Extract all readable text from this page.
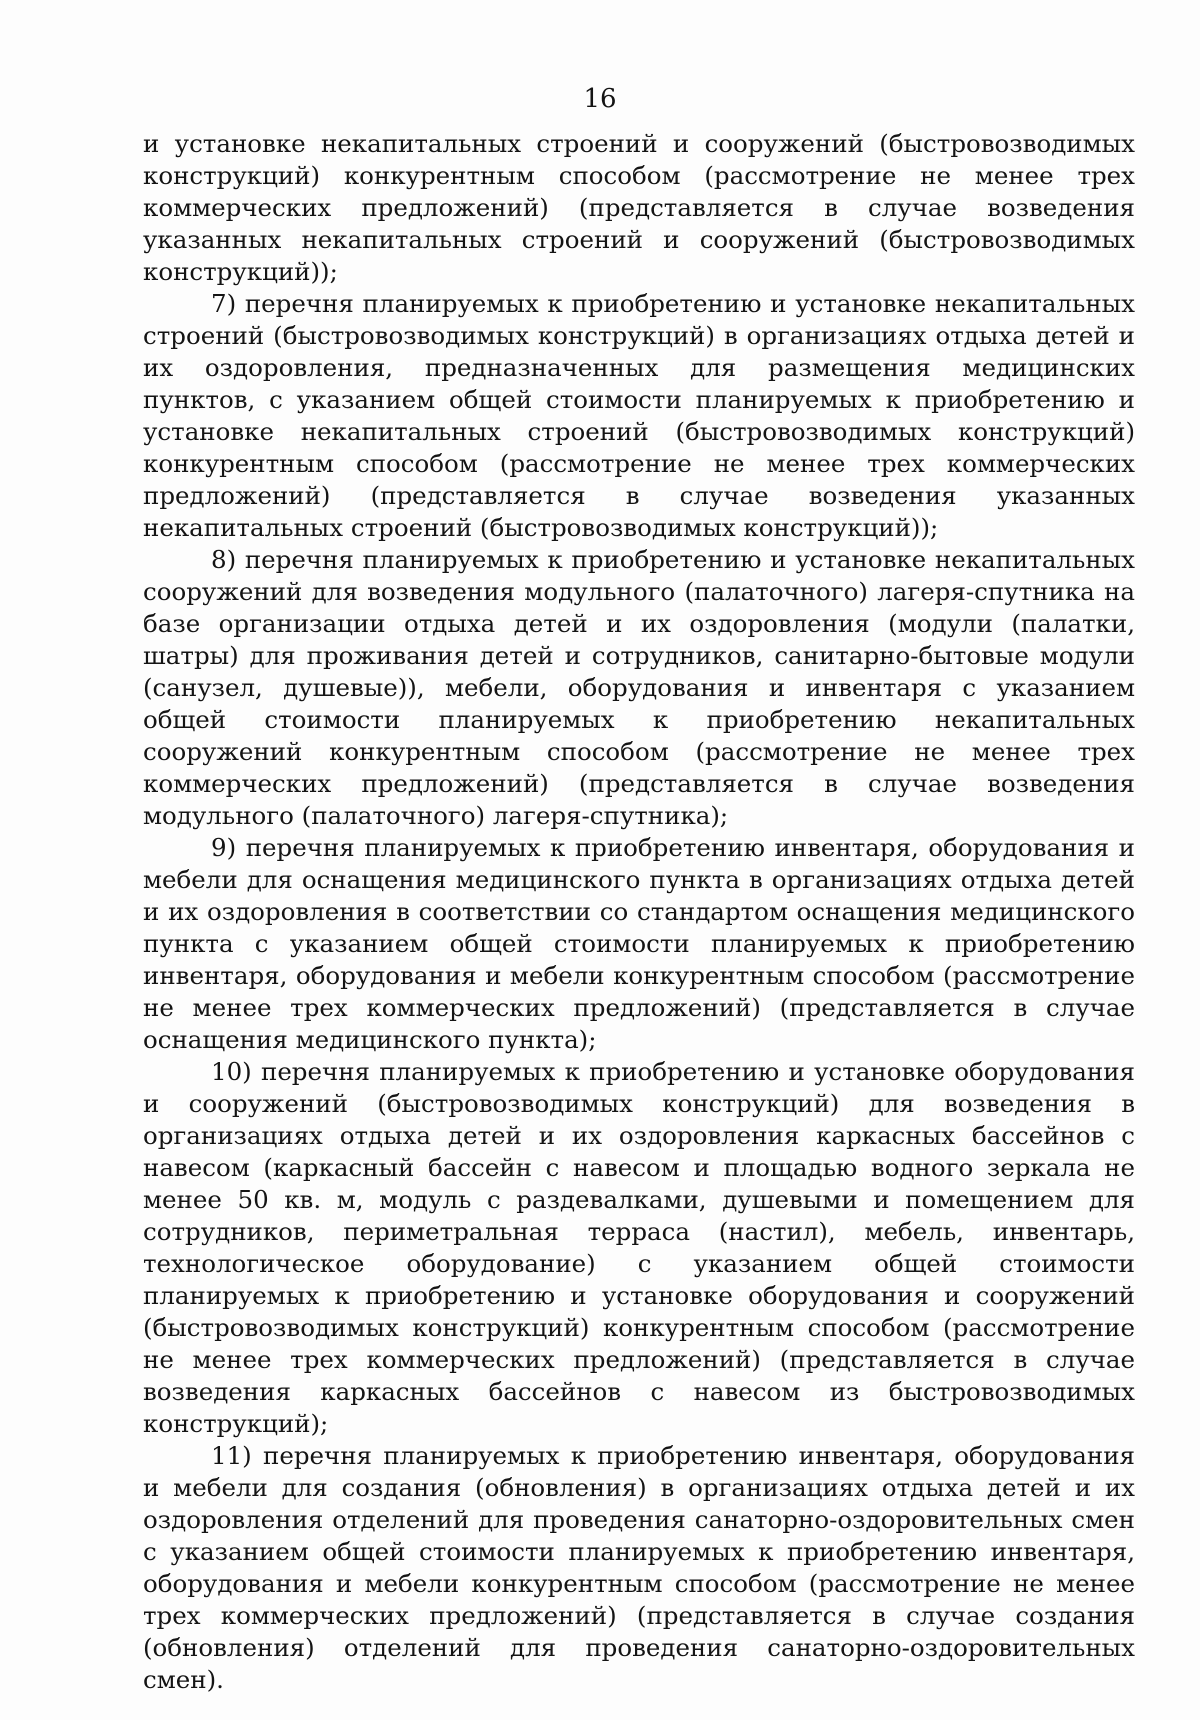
16

и установке некапитальных строений и сооружений (быстровозводимых конструкций) конкурентным способом (рассмотрение не менее трех коммерческих предложений) (представляется в случае возведения указанных некапитальных строений и сооружений (быстровозводимых конструкций));

7) перечня планируемых к приобретению и установке некапитальных строений (быстровозводимых конструкций) в организациях отдыха детей и их оздоровления, предназначенных для размещения медицинских пунктов, с указанием общей стоимости планируемых к приобретению и установке некапитальных строений (быстровозводимых конструкций) конкурентным способом (рассмотрение не менее трех коммерческих предложений) (представляется в случае возведения указанных некапитальных строений (быстровозводимых конструкций));

8) перечня планируемых к приобретению и установке некапитальных сооружений для возведения модульного (палаточного) лагеря-спутника на базе организации отдыха детей и их оздоровления (модули (палатки, шатры) для проживания детей и сотрудников, санитарно-бытовые модули (санузел, душевые)), мебели, оборудования и инвентаря с указанием общей стоимости планируемых к приобретению некапитальных сооружений конкурентным способом (рассмотрение не менее трех коммерческих предложений) (представляется в случае возведения модульного (палаточного) лагеря-спутника);

9) перечня планируемых к приобретению инвентаря, оборудования и мебели для оснащения медицинского пункта в организациях отдыха детей и их оздоровления в соответствии со стандартом оснащения медицинского пункта с указанием общей стоимости планируемых к приобретению инвентаря, оборудования и мебели конкурентным способом (рассмотрение не менее трех коммерческих предложений) (представляется в случае оснащения медицинского пункта);

10) перечня планируемых к приобретению и установке оборудования и сооружений (быстровозводимых конструкций) для возведения в организациях отдыха детей и их оздоровления каркасных бассейнов с навесом (каркасный бассейн с навесом и площадью водного зеркала не менее 50 кв. м, модуль с раздевалками, душевыми и помещением для сотрудников, периметральная терраса (настил), мебель, инвентарь, технологическое оборудование) с указанием общей стоимости планируемых к приобретению и установке оборудования и сооружений (быстровозводимых конструкций) конкурентным способом (рассмотрение не менее трех коммерческих предложений) (представляется в случае возведения каркасных бассейнов с навесом из быстровозводимых конструкций);

11) перечня планируемых к приобретению инвентаря, оборудования и мебели для создания (обновления) в организациях отдыха детей и их оздоровления отделений для проведения санаторно-оздоровительных смен с указанием общей стоимости планируемых к приобретению инвентаря, оборудования и мебели конкурентным способом (рассмотрение не менее трех коммерческих предложений) (представляется в случае создания (обновления) отделений для проведения санаторно-оздоровительных смен).
